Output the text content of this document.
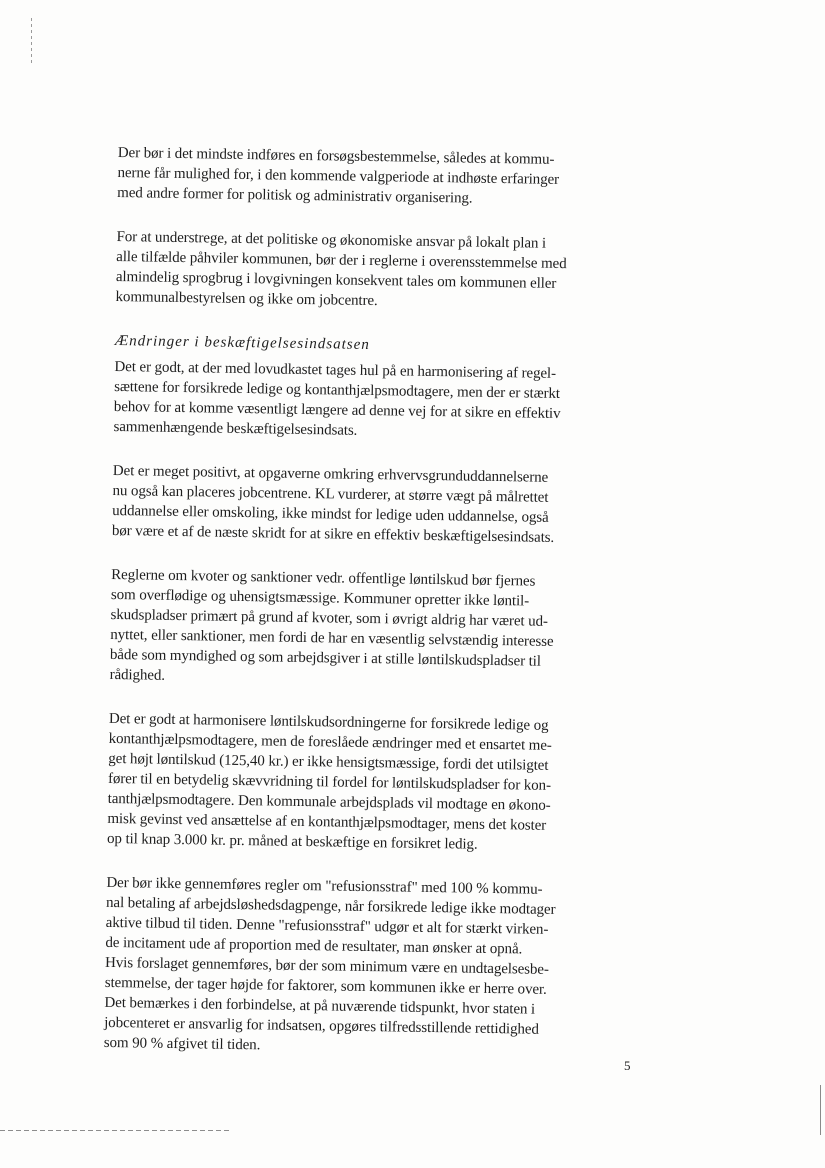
Der bør i det mindste indføres en forsøgsbestemmelse, således at kommu-
nerne får mulighed for, i den kommende valgperiode at indhøste erfaringer
med andre former for politisk og administrativ organisering.

For at understrege, at det politiske og økonomiske ansvar på lokalt plan i
alle tilfælde påhviler kommunen, bør der i reglerne i overensstemmelse med
almindelig sprogbrug i lovgivningen konsekvent tales om kommunen eller
kommunalbestyrelsen og ikke om jobcentre.

Ændringer i beskæftigelsesindsatsen

Det er godt, at der med lovudkastet tages hul på en harmonisering af regel-
sættene for forsikrede ledige og kontanthjælpsmodtagere, men der er stærkt
behov for at komme væsentligt længere ad denne vej for at sikre en effektiv
sammenhængende beskæftigelsesindsats.

Det er meget positivt, at opgaverne omkring erhvervsgrunduddannelserne
nu også kan placeres jobcentrene. KL vurderer, at større vægt på målrettet
uddannelse eller omskoling, ikke mindst for ledige uden uddannelse, også
bør være et af de næste skridt for at sikre en effektiv beskæftigelsesindsats.

Reglerne om kvoter og sanktioner vedr. offentlige løntilskud bør fjernes
som overflødige og uhensigtsmæssige. Kommuner opretter ikke løntil-
skudspladser primært på grund af kvoter, som i øvrigt aldrig har været ud-
nyttet, eller sanktioner, men fordi de har en væsentlig selvstændig interesse
både som myndighed og som arbejdsgiver i at stille løntilskudspladser til
rådighed.

Det er godt at harmonisere løntilskudsordningerne for forsikrede ledige og
kontanthjælpsmodtagere, men de foreslåede ændringer med et ensartet me-
get højt løntilskud (125,40 kr.) er ikke hensigtsmæssige, fordi det utilsigtet
fører til en betydelig skævvridning til fordel for løntilskudspladser for kon-
tanthjælpsmodtagere. Den kommunale arbejdsplads vil modtage en økono-
misk gevinst ved ansættelse af en kontanthjælpsmodtager, mens det koster
op til knap 3.000 kr. pr. måned at beskæftige en forsikret ledig.

Der bør ikke gennemføres regler om "refusionsstraf" med 100 % kommu-
nal betaling af arbejdsløshedsdagpenge, når forsikrede ledige ikke modtager
aktive tilbud til tiden. Denne "refusionsstraf" udgør et alt for stærkt virken-
de incitament ude af proportion med de resultater, man ønsker at opnå.
Hvis forslaget gennemføres, bør der som minimum være en undtagelsesbe-
stemmelse, der tager højde for faktorer, som kommunen ikke er herre over.
Det bemærkes i den forbindelse, at på nuværende tidspunkt, hvor staten i
jobcenteret er ansvarlig for indsatsen, opgøres tilfredsstillende rettidighed
som 90 % afgivet til tiden.

5
